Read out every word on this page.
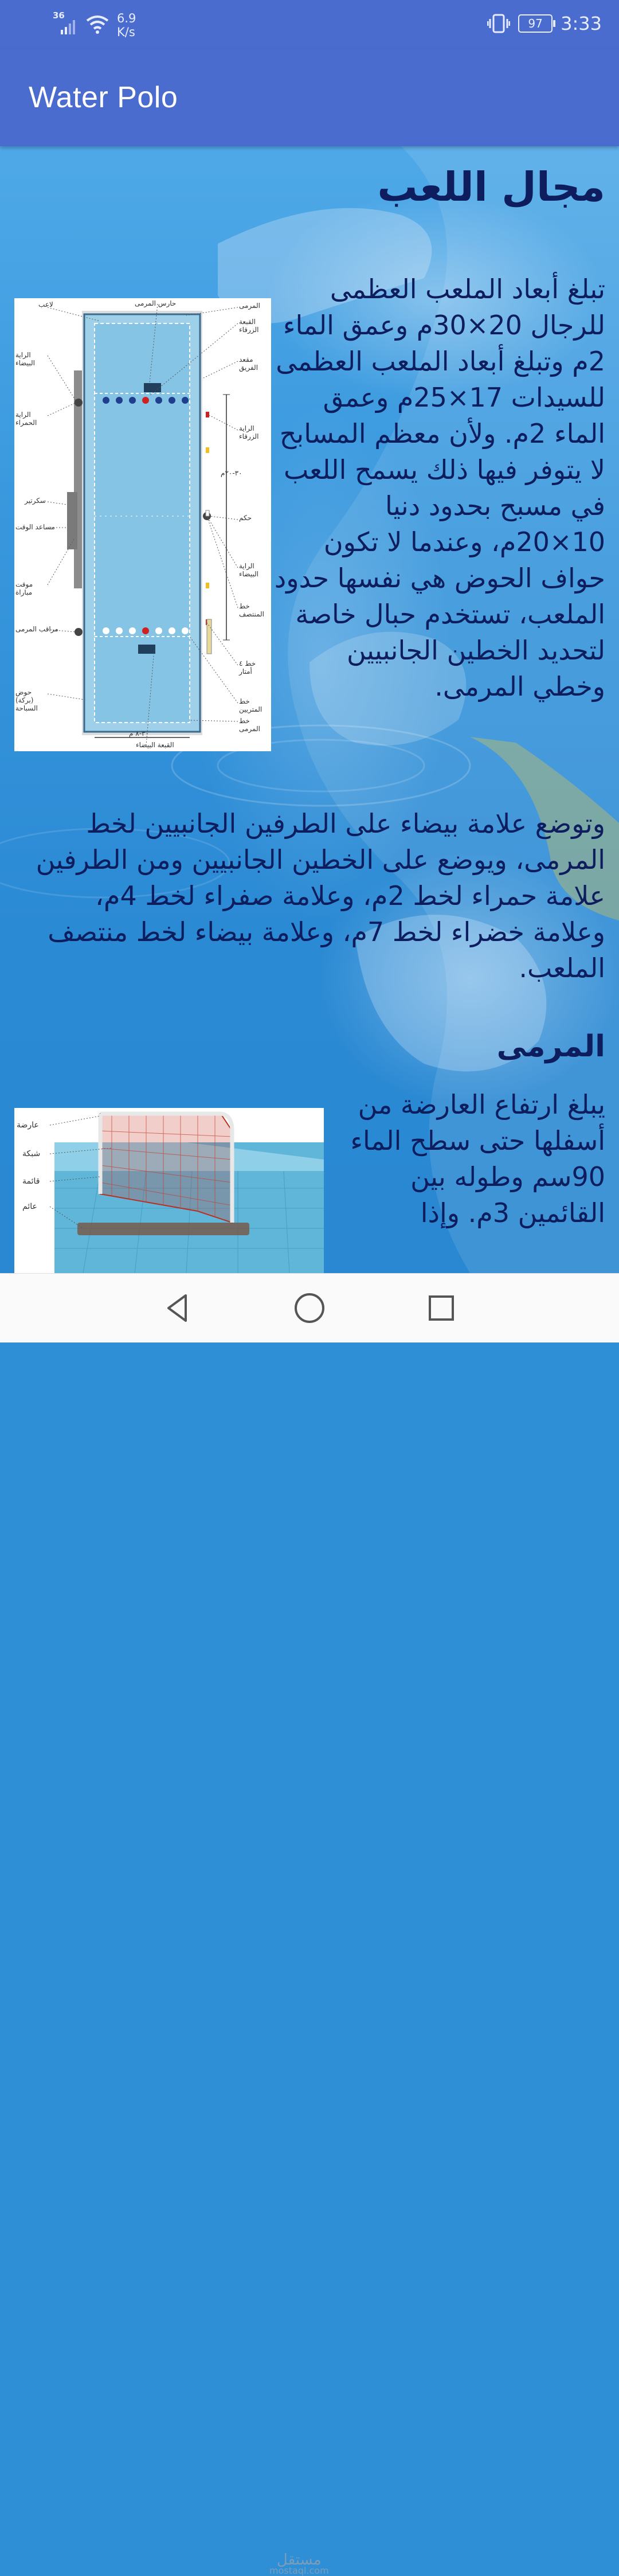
36	6.9
K/s
97 3:33
Water Polo
مجال اللعب
لاعب
الراية البيضاء
الراية الحمراء
سكرتير
مساعد الوقت
موقت مباراة
مراقب المرمى
حوض (بركة) السباحة
حارس المرمى	المرمى
القبعة الزرقاء
مقعد الفريق
الراية الزرقاء
٣٠-٢٠م
حكم
الراية البيضاء
خط المنتصف
خط ٤ أمتار
خط المتريين
خط المرمى
٣٠-٨ م
القبعة البيضاء
تبلغ أبعاد الملعب العظمى للرجال 20×30م وعمق الماء 2م وتبلغ أبعاد الملعب العظمى للسيدات 17×25م وعمق الماء 2م. ولأن معظم المسابح لا يتوفر فيها ذلك يسمح اللعب في مسبح بحدود دنيا 10×20م، وعندما لا تكون حواف الحوض هي نفسها حدود الملعب، تستخدم حبال خاصة لتحديد الخطين الجانبيين وخطي المرمى.
وتوضع علامة بيضاء على الطرفين الجانبيين لخط المرمى، ويوضع على الخطين الجانبيين ومن الطرفين علامة حمراء لخط 2م، وعلامة صفراء لخط 4م، وعلامة خضراء لخط 7م، وعلامة بيضاء لخط منتصف الملعب.
المرمى
عارضة
شبكة
قائمة
عائم
يبلغ ارتفاع العارضة من أسفلها حتى سطح الماء 90سم وطوله بين القائمين 3م. وإذا
مستقل
mostaql.com
